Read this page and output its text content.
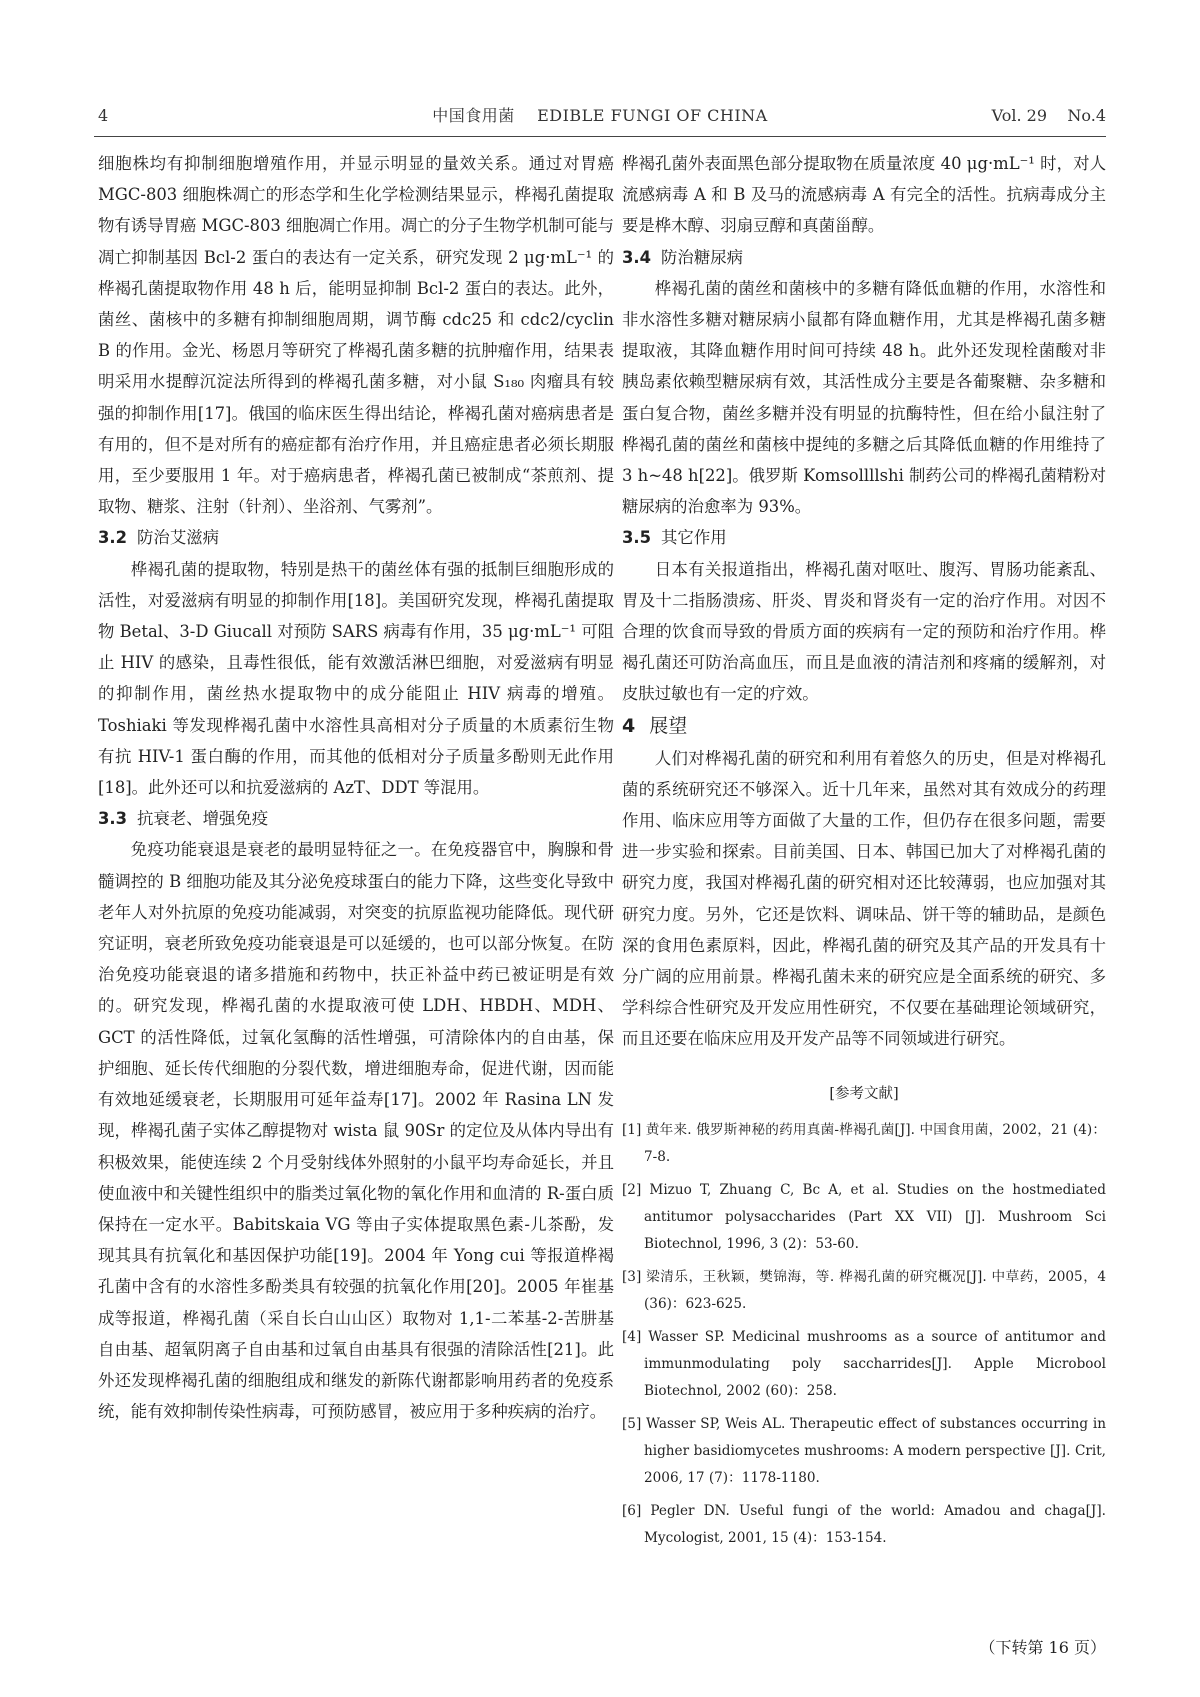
4	中国食用菌    EDIBLE FUNGI OF CHINA	Vol. 29    No.4

细胞株均有抑制细胞增殖作用，并显示明显的量效关系。通过对胃癌 MGC-803 细胞株凋亡的形态学和生化学检测结果显示，桦褐孔菌提取物有诱导胃癌 MGC-803 细胞凋亡作用。凋亡的分子生物学机制可能与凋亡抑制基因 Bcl-2 蛋白的表达有一定关系，研究发现 2 μg·mL⁻¹ 的桦褐孔菌提取物作用 48 h 后，能明显抑制 Bcl-2 蛋白的表达。此外，菌丝、菌核中的多糖有抑制细胞周期，调节酶 cdc25 和 cdc2/cyclin B 的作用。金光、杨恩月等研究了桦褐孔菌多糖的抗肿瘤作用，结果表明采用水提醇沉淀法所得到的桦褐孔菌多糖，对小鼠 S₁₈₀ 肉瘤具有较强的抑制作用[17]。俄国的临床医生得出结论，桦褐孔菌对癌病患者是有用的，但不是对所有的癌症都有治疗作用，并且癌症患者必须长期服用，至少要服用 1 年。对于癌病患者，桦褐孔菌已被制成“茶煎剂、提取物、糖浆、注射（针剂）、坐浴剂、气雾剂”。

3.2 防治艾滋病

桦褐孔菌的提取物，特别是热干的菌丝体有强的抵制巨细胞形成的活性，对爱滋病有明显的抑制作用[18]。美国研究发现，桦褐孔菌提取物 Betal、3-D Giucall 对预防 SARS 病毒有作用，35 μg·mL⁻¹ 可阻止 HIV 的感染，且毒性很低，能有效激活淋巴细胞，对爱滋病有明显的抑制作用，菌丝热水提取物中的成分能阻止 HIV 病毒的增殖。Toshiaki 等发现桦褐孔菌中水溶性具高相对分子质量的木质素衍生物有抗 HIV-1 蛋白酶的作用，而其他的低相对分子质量多酚则无此作用 [18]。此外还可以和抗爱滋病的 AzT、DDT 等混用。

3.3 抗衰老、增强免疫

免疫功能衰退是衰老的最明显特征之一。在免疫器官中，胸腺和骨髓调控的 B 细胞功能及其分泌免疫球蛋白的能力下降，这些变化导致中老年人对外抗原的免疫功能减弱，对突变的抗原监视功能降低。现代研究证明，衰老所致免疫功能衰退是可以延缓的，也可以部分恢复。在防治免疫功能衰退的诸多措施和药物中，扶正补益中药已被证明是有效的。研究发现，桦褐孔菌的水提取液可使 LDH、HBDH、MDH、GCT 的活性降低，过氧化氢酶的活性增强，可清除体内的自由基，保护细胞、延长传代细胞的分裂代数，增进细胞寿命，促进代谢，因而能有效地延缓衰老，长期服用可延年益寿[17]。2002 年 Rasina LN 发现，桦褐孔菌子实体乙醇提物对 wista 鼠 90Sr 的定位及从体内导出有积极效果，能使连续 2 个月受射线体外照射的小鼠平均寿命延长，并且使血液中和关键性组织中的脂类过氧化物的氧化作用和血清的 R-蛋白质保持在一定水平。Babitskaia VG 等由子实体提取黑色素-儿茶酚，发现其具有抗氧化和基因保护功能[19]。2004 年 Yong cui 等报道桦褐孔菌中含有的水溶性多酚类具有较强的抗氧化作用[20]。2005 年崔基成等报道，桦褐孔菌（采自长白山山区）取物对 1,1-二苯基-2-苦肼基自由基、超氧阴离子自由基和过氧自由基具有很强的清除活性[21]。此外还发现桦褐孔菌的细胞组成和继发的新陈代谢都影响用药者的免疫系统，能有效抑制传染性病毒，可预防感冒，被应用于多种疾病的治疗。

桦褐孔菌外表面黑色部分提取物在质量浓度 40 μg·mL⁻¹ 时，对人流感病毒 A 和 B 及马的流感病毒 A 有完全的活性。抗病毒成分主要是桦木醇、羽扇豆醇和真菌甾醇。

3.4 防治糖尿病

桦褐孔菌的菌丝和菌核中的多糖有降低血糖的作用，水溶性和非水溶性多糖对糖尿病小鼠都有降血糖作用，尤其是桦褐孔菌多糖提取液，其降血糖作用时间可持续 48 h。此外还发现栓菌酸对非胰岛素依赖型糖尿病有效，其活性成分主要是各葡聚糖、杂多糖和蛋白复合物，菌丝多糖并没有明显的抗酶特性，但在给小鼠注射了桦褐孔菌的菌丝和菌核中提纯的多糖之后其降低血糖的作用维持了 3 h~48 h[22]。俄罗斯 Komsollllshi 制药公司的桦褐孔菌精粉对糖尿病的治愈率为 93%。

3.5 其它作用

日本有关报道指出，桦褐孔菌对呕吐、腹泻、胃肠功能紊乱、胃及十二指肠溃疡、肝炎、胃炎和肾炎有一定的治疗作用。对因不合理的饮食而导致的骨质方面的疾病有一定的预防和治疗作用。桦褐孔菌还可防治高血压，而且是血液的清洁剂和疼痛的缓解剂，对皮肤过敏也有一定的疗效。

4 展望

人们对桦褐孔菌的研究和利用有着悠久的历史，但是对桦褐孔菌的系统研究还不够深入。近十几年来，虽然对其有效成分的药理作用、临床应用等方面做了大量的工作，但仍存在很多问题，需要进一步实验和探索。目前美国、日本、韩国已加大了对桦褐孔菌的研究力度，我国对桦褐孔菌的研究相对还比较薄弱，也应加强对其研究力度。另外，它还是饮料、调味品、饼干等的辅助品，是颜色深的食用色素原料，因此，桦褐孔菌的研究及其产品的开发具有十分广阔的应用前景。桦褐孔菌未来的研究应是全面系统的研究、多学科综合性研究及开发应用性研究，不仅要在基础理论领域研究，而且还要在临床应用及开发产品等不同领域进行研究。

[参考文献]

[1] 黄年来. 俄罗斯神秘的药用真菌-桦褐孔菌[J]. 中国食用菌，2002，21 (4)：7-8.

[2] Mizuo T, Zhuang C, Bc A, et al. Studies on the hostmediated antitumor polysaccharides (Part XX VII) [J]. Mushroom Sci Biotechnol, 1996, 3 (2)：53-60.

[3] 梁清乐，王秋颖，樊锦海，等. 桦褐孔菌的研究概况[J]. 中草药，2005，4 (36)：623-625.

[4] Wasser SP. Medicinal mushrooms as a source of antitumor and immunmodulating poly saccharrides[J]. Apple Microbool Biotechnol, 2002 (60)：258.

[5] Wasser SP, Weis AL. Therapeutic effect of substances occurring in higher basidiomycetes mushrooms: A modern perspective [J]. Crit, 2006, 17 (7)：1178-1180.

[6] Pegler DN. Useful fungi of the world: Amadou and chaga[J]. Mycologist, 2001, 15 (4)：153-154.

（下转第 16 页）
